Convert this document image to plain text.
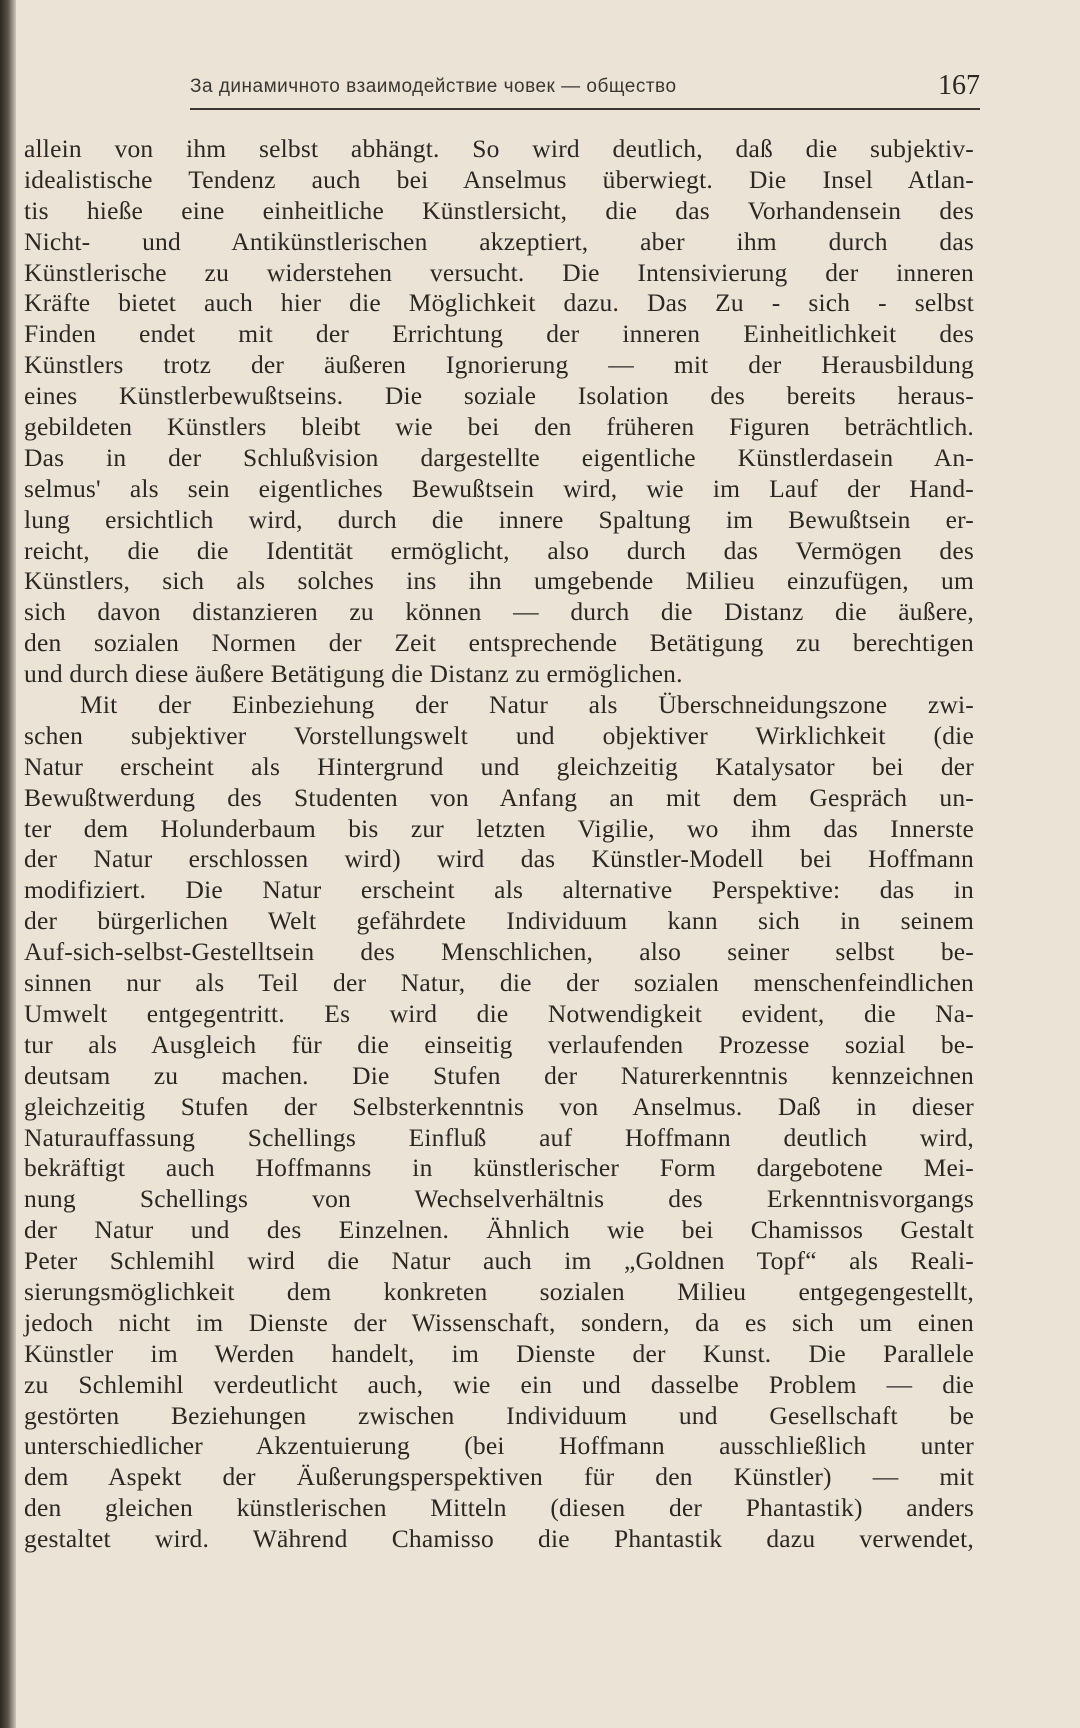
За динамичното взаимодействие човек — общество	167
allein von ihm selbst abhängt. So wird deutlich, daß die subjektiv-
idealistische Tendenz auch bei Anselmus überwiegt. Die Insel Atlan-
tis hieße eine einheitliche Künstlersicht, die das Vorhandensein des
Nicht- und Antikünstlerischen akzeptiert, aber ihm durch das
Künstlerische zu widerstehen versucht. Die Intensivierung der inneren
Kräfte bietet auch hier die Möglichkeit dazu. Das Zu - sich - selbst
Finden endet mit der Errichtung der inneren Einheitlichkeit des
Künstlers trotz der äußeren Ignorierung — mit der Herausbildung
eines Künstlerbewußtseins. Die soziale Isolation des bereits heraus-
gebildeten Künstlers bleibt wie bei den früheren Figuren beträchtlich.
Das in der Schlußvision dargestellte eigentliche Künstlerdasein An-
selmus' als sein eigentliches Bewußtsein wird, wie im Lauf der Hand-
lung ersichtlich wird, durch die innere Spaltung im Bewußtsein er-
reicht, die die Identität ermöglicht, also durch das Vermögen des
Künstlers, sich als solches ins ihn umgebende Milieu einzufügen, um
sich davon distanzieren zu können — durch die Distanz die äußere,
den sozialen Normen der Zeit entsprechende Betätigung zu berechtigen
und durch diese äußere Betätigung die Distanz zu ermöglichen.
Mit der Einbeziehung der Natur als Überschneidungszone zwi-
schen subjektiver Vorstellungswelt und objektiver Wirklichkeit (die
Natur erscheint als Hintergrund und gleichzeitig Katalysator bei der
Bewußtwerdung des Studenten von Anfang an mit dem Gespräch un-
ter dem Holunderbaum bis zur letzten Vigilie, wo ihm das Innerste
der Natur erschlossen wird) wird das Künstler-Modell bei Hoffmann
modifiziert. Die Natur erscheint als alternative Perspektive: das in
der bürgerlichen Welt gefährdete Individuum kann sich in seinem
Auf-sich-selbst-Gestelltsein des Menschlichen, also seiner selbst be-
sinnen nur als Teil der Natur, die der sozialen menschenfeindlichen
Umwelt entgegentritt. Es wird die Notwendigkeit evident, die Na-
tur als Ausgleich für die einseitig verlaufenden Prozesse sozial be-
deutsam zu machen. Die Stufen der Naturerkenntnis kennzeichnen
gleichzeitig Stufen der Selbsterkenntnis von Anselmus. Daß in dieser
Naturauffassung Schellings Einfluß auf Hoffmann deutlich wird,
bekräftigt auch Hoffmanns in künstlerischer Form dargebotene Mei-
nung Schellings von Wechselverhältnis des Erkenntnisvorgangs
der Natur und des Einzelnen. Ähnlich wie bei Chamissos Gestalt
Peter Schlemihl wird die Natur auch im „Goldnen Topf“ als Reali-
sierungsmöglichkeit dem konkreten sozialen Milieu entgegengestellt,
jedoch nicht im Dienste der Wissenschaft, sondern, da es sich um einen
Künstler im Werden handelt, im Dienste der Kunst. Die Parallele
zu Schlemihl verdeutlicht auch, wie ein und dasselbe Problem — die
gestörten Beziehungen zwischen Individuum und Gesellschaft be
unterschiedlicher Akzentuierung (bei Hoffmann ausschließlich unter
dem Aspekt der Äußerungsperspektiven für den Künstler) — mit
den gleichen künstlerischen Mitteln (diesen der Phantastik) anders
gestaltet wird. Während Chamisso die Phantastik dazu verwendet,
